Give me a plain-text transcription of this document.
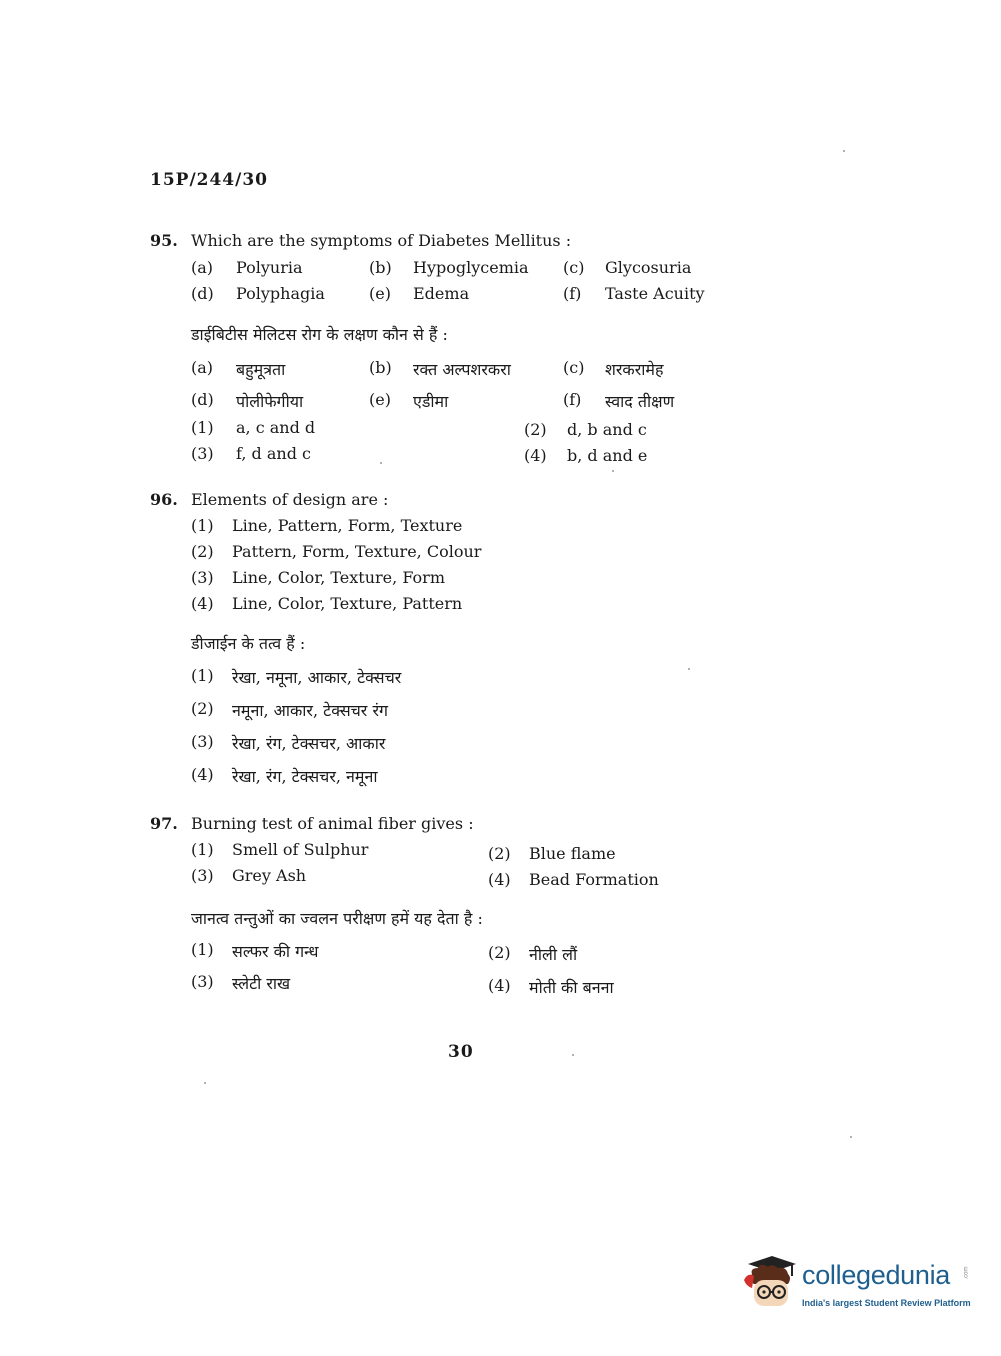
15P/244/30
95. Which are the symptoms of Diabetes Mellitus :
(a) Polyuria	(b) Hypoglycemia (c) Glycosuria
(d) Polyphagia	(e) Edema	(f) Taste Acuity
डाईबिटीस मेलिटस रोग के लक्षण कौन से हैं :
(a) बहुमूत्रता	(b) रक्त अल्पशरकरा	(c) शरकरामेह
(d) पोलीफेगीया	(e) एडीमा	(f) स्वाद तीक्षण
(1) a, c and d	(2) d, b and c
(3) f, d and c	(4) b, d and e
96. Elements of design are :
(1) Line, Pattern, Form, Texture
(2) Pattern, Form, Texture, Colour
(3) Line, Color, Texture, Form
(4) Line, Color, Texture, Pattern
डीजाईन के तत्व हैं :
(1) रेखा, नमूना, आकार, टेक्सचर
(2) नमूना, आकार, टेक्सचर रंग
(3) रेखा, रंग, टेक्सचर, आकार
(4) रेखा, रंग, टेक्सचर, नमूना
97. Burning test of animal fiber gives :
(1) Smell of Sulphur	(2) Blue flame
(3) Grey Ash	(4) Bead Formation
जानत्व तन्तुओं का ज्वलन परीक्षण हमें यह देता है :
(1) सल्फर की गन्ध	(2) नीली लौं
(3) स्लेटी राख	(4) मोती की बनना
30
collegedunia .com
India's largest Student Review Platform
